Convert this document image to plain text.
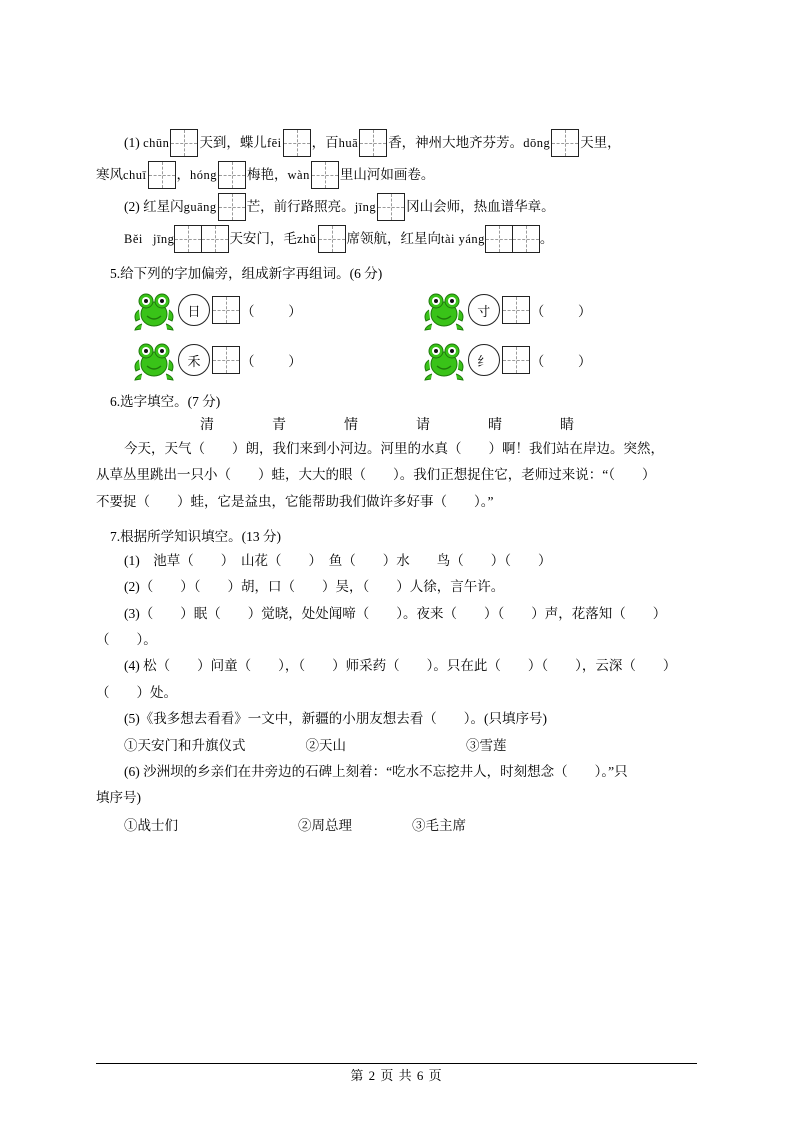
(1)
chūn 天到，蝶儿 fēi ，百 huā 香，神州大地齐芬芳。 dōng 天里，
寒风 chuī ， hóng 梅艳， wàn 里山河如画卷。
(2)
红星闪 guāng 芒，前行路照亮。 jīng 冈山会师，热血谱华章。
Běi
jīng	天安门，毛 zhǔ 席领航，红星向 tài yáng	。
5.给下列的字加偏旁，组成新字再组词。(6 分)
日	（          ）	寸	（          ）
禾	（          ）	纟	（          ）
6.选字填空。(7 分)
清　青　情　请　晴　睛
今天，天气（　　）朗，我们来到小河边。河里的水真（　　）啊！我们站在岸边。突然，
从草丛里跳出一只小（　　）蛙，大大的眼（　　）。我们正想捉住它，老师过来说：“（　　）
不要捉（　　）蛙，它是益虫，它能帮助我们做许多好事（　　）。”
7.根据所学知识填空。(13 分)
(1)　池草（　　）　山花（　　）　鱼（　　）水　　鸟（　　）（　　）
(2)（　　）（　　）胡，口（　　）吴，（　　）人徐，言午许。
(3)（　　）眠（　　）觉晓，处处闻啼（　　）。夜来（　　）（　　）声，花落知（　　）
（　　）。
(4) 松（　　）问童（　　），（　　）师采药（　　）。只在此（　　）（　　），云深（　　）
（　　）处。
(5)《我多想去看看》一文中，新疆的小朋友想去看（　　）。(只填序号)
①天安门和升旗仪式	②天山	③雪莲
(6) 沙洲坝的乡亲们在井旁边的石碑上刻着：“吃水不忘挖井人，时刻想念（　　）。”只
填序号)
①战士们	②周总理	③毛主席
第 2 页 共 6 页
